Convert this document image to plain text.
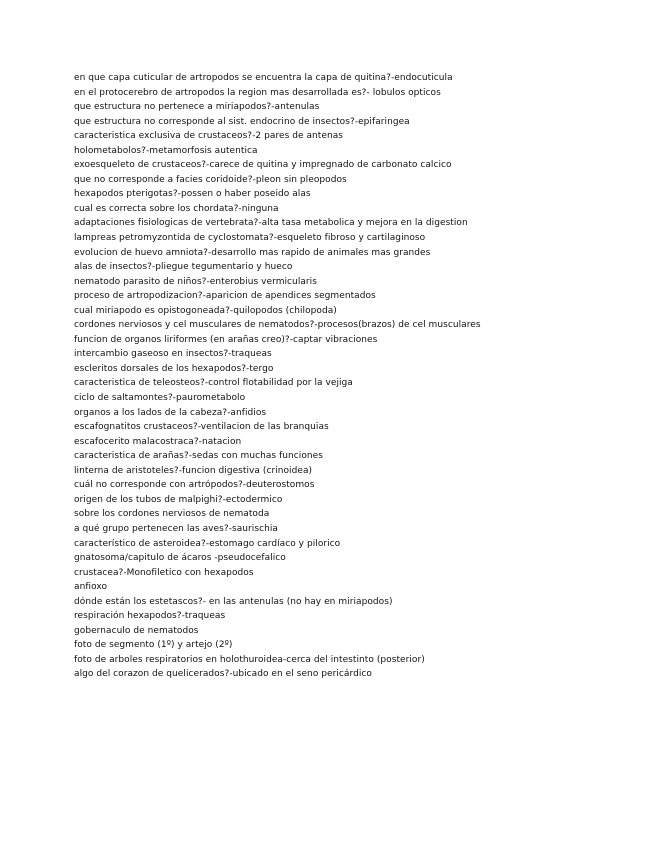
en que capa cuticular de artropodos se encuentra la capa de quitina?-endocuticula
en el protocerebro de artropodos la region mas desarrollada es?- lobulos opticos
que estructura no pertenece a miriapodos?-antenulas
que estructura no corresponde al sist. endocrino de insectos?-epifaringea
caracteristica exclusiva de crustaceos?-2 pares de antenas
holometabolos?-metamorfosis autentica
exoesqueleto de crustaceos?-carece de quitina y impregnado de carbonato calcico
que no corresponde a facies coridoide?-pleon sin pleopodos
hexapodos pterigotas?-possen o haber poseido alas
cual es correcta sobre los chordata?-ninguna
adaptaciones fisiologicas de vertebrata?-alta tasa metabolica y mejora en la digestion
lampreas petromyzontida de cyclostomata?-esqueleto fibroso y cartilaginoso
evolucion de huevo amniota?-desarrollo mas rapido de animales mas grandes
alas de insectos?-pliegue tegumentario y hueco
nematodo parasito de niños?-enterobius vermicularis
proceso de artropodizacion?-aparicion de apendices segmentados
cual miriapodo es opistogoneada?-quilopodos (chilopoda)
cordones nerviosos y cel musculares de nematodos?-procesos(brazos) de cel musculares
funcion de organos liriformes (en arañas creo)?-captar vibraciones
intercambio gaseoso en insectos?-traqueas
escleritos dorsales de los hexapodos?-tergo
caracteristica de teleosteos?-control flotabilidad por la vejiga
ciclo de saltamontes?-paurometabolo
organos a los lados de la cabeza?-anfidios
escafognatitos crustaceos?-ventilacion de las branquias
escafocerito malacostraca?-natacion
caracteristica de arañas?-sedas con muchas funciones
linterna de aristoteles?-funcion digestiva (crinoidea)
cuál no corresponde con artrópodos?-deuterostomos
origen de los tubos de malpighi?-ectodermico
sobre los cordones nerviosos de nematoda
a qué grupo pertenecen las aves?-saurischia
característico de asteroidea?-estomago cardíaco y pilorico
gnatosoma/capitulo de ácaros -pseudocefalico
crustacea?-Monofiletico con hexapodos
anfioxo
dónde están los estetascos?- en las antenulas (no hay en miriapodos)
respiración hexapodos?-traqueas
gobernaculo de nematodos
foto de segmento (1º) y artejo (2º)
foto de arboles respiratorios en holothuroidea-cerca del intestinto (posterior)
algo del corazon de quelicerados?-ubicado en el seno pericárdico
